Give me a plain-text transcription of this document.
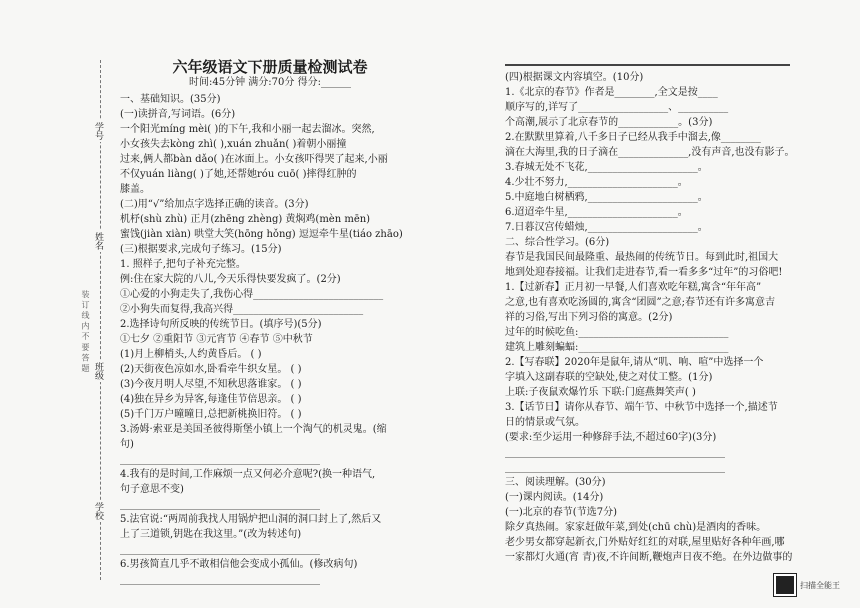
学校
班级
姓名
学号
装 订 线 内 不 要 答 题
六年级语文下册质量检测试卷
时间:45分钟 满分:70分 得分:______
一、基础知识。(35分)
(一)读拼音,写词语。(6分)
一个阳光míng mèi( )的下午,我和小丽一起去溜冰。突然,
小女孩失去kòng zhì( ),xuán zhuǎn( )着朝小丽撞
过来,俩人都bàn dǎo( )在冰面上。小女孩吓得哭了起来,小丽
不仅yuán liàng( )了她,还帮她róu cuō( )摔得红肿的
膝盖。
(二)用“√”给加点字选择正确的读音。(3分)
机杼(shù zhù) 正月(zhēng zhèng) 黄焖鸡(mèn mēn)
蜜饯(jiàn xiàn) 哄堂大笑(hōng hǒng) 逗逗牵牛星(tiáo zhāo)
(三)根据要求,完成句子练习。(15分)
1. 照样子,把句子补充完整。
例:住在家大院的八儿,今天乐得快要发疯了。(2分)
①心爱的小狗走失了,我伤心得__________________________
②小狗失而复得,我高兴得__________________________
2.选择诗句所反映的传统节日。(填序号)(5分)
①七夕 ②重阳节 ③元宵节 ④春节 ⑤中秋节
(1)月上柳梢头,人约黄昏后。 ( )
(2)天街夜色凉如水,卧看牵牛织女星。 ( )
(3)今夜月明人尽望,不知秋思落谁家。 ( )
(4)独在异乡为异客,每逢佳节倍思亲。 ( )
(5)千门万户曈曈日,总把新桃换旧符。 ( )
3.汤姆·索亚是美国圣彼得斯堡小镇上一个淘气的机灵鬼。(缩
句)
________________________________________
4.我有的是时间,工作麻烦一点又何必介意呢?(换一种语气,
句子意思不变)
________________________________________
5.法官说:“两周前我找人用锅炉把山洞的洞口封上了,然后又
上了三道锁,钥匙在我这里。”(改为转述句)
________________________________________
6.男孩简直几乎不敢相信他会变成小孤仙。(修改病句)
________________________________________
(四)根据课文内容填空。(10分)
1.《北京的春节》作者是________,全文是按____
顺序写的,详写了__________________、__________
个高潮,展示了北京春节的____________。(3分)
2.在默默里算着,八千多日子已经从我手中溜去,像________
滴在大海里,我的日子滴在______________,没有声音,也没有影子。
3.春城无处不飞花,______________________。
4.少壮不努力,______________________。
5.中庭地白树栖鸦,______________________。
6.迢迢牵牛星,______________________。
7.日暮汉宫传蜡烛,______________________。
二、综合性学习。(6分)
春节是我国民间最隆重、最热闹的传统节日。每到此时,祖国大
地到处迎春接福。让我们走进春节,看一看多多“过年”的习俗吧!
1.【过新春】正月初一早餐,人们喜欢吃年糕,寓含“年年高”
之意,也有喜欢吃汤圆的,寓含“团圆”之意;春节还有许多寓意吉
祥的习俗,写出下列习俗的寓意。(2分)
过年的时候吃鱼:______________________________
建筑上雕刻蝙蝠:______________________________
2.【写春联】2020年是鼠年,请从“叽、响、喧”中选择一个
字填入这副春联的空缺处,使之对仗工整。(1分)
上联:子夜鼠欢爆竹乐 下联:门庭燕舞笑声( )
3.【话节日】请你从春节、端午节、中秋节中选择一个,描述节
日的情景或气氛。
(要求:至少运用一种修辞手法,不超过60字)(3分)
____________________________________________
____________________________________________
三、阅读理解。(30分)
(一)课内阅读。(14分)
(一)北京的春节(节选7分)
除夕真热闹。家家赶做年菜,到处(chū chù)是酒肉的香味。
老少男女都穿起新衣,门外贴好红红的对联,屋里贴好各种年画,哪
一家都灯火通(宵 青)夜,不许间断,鞭炮声日夜不绝。在外边做事的
扫描全能王
